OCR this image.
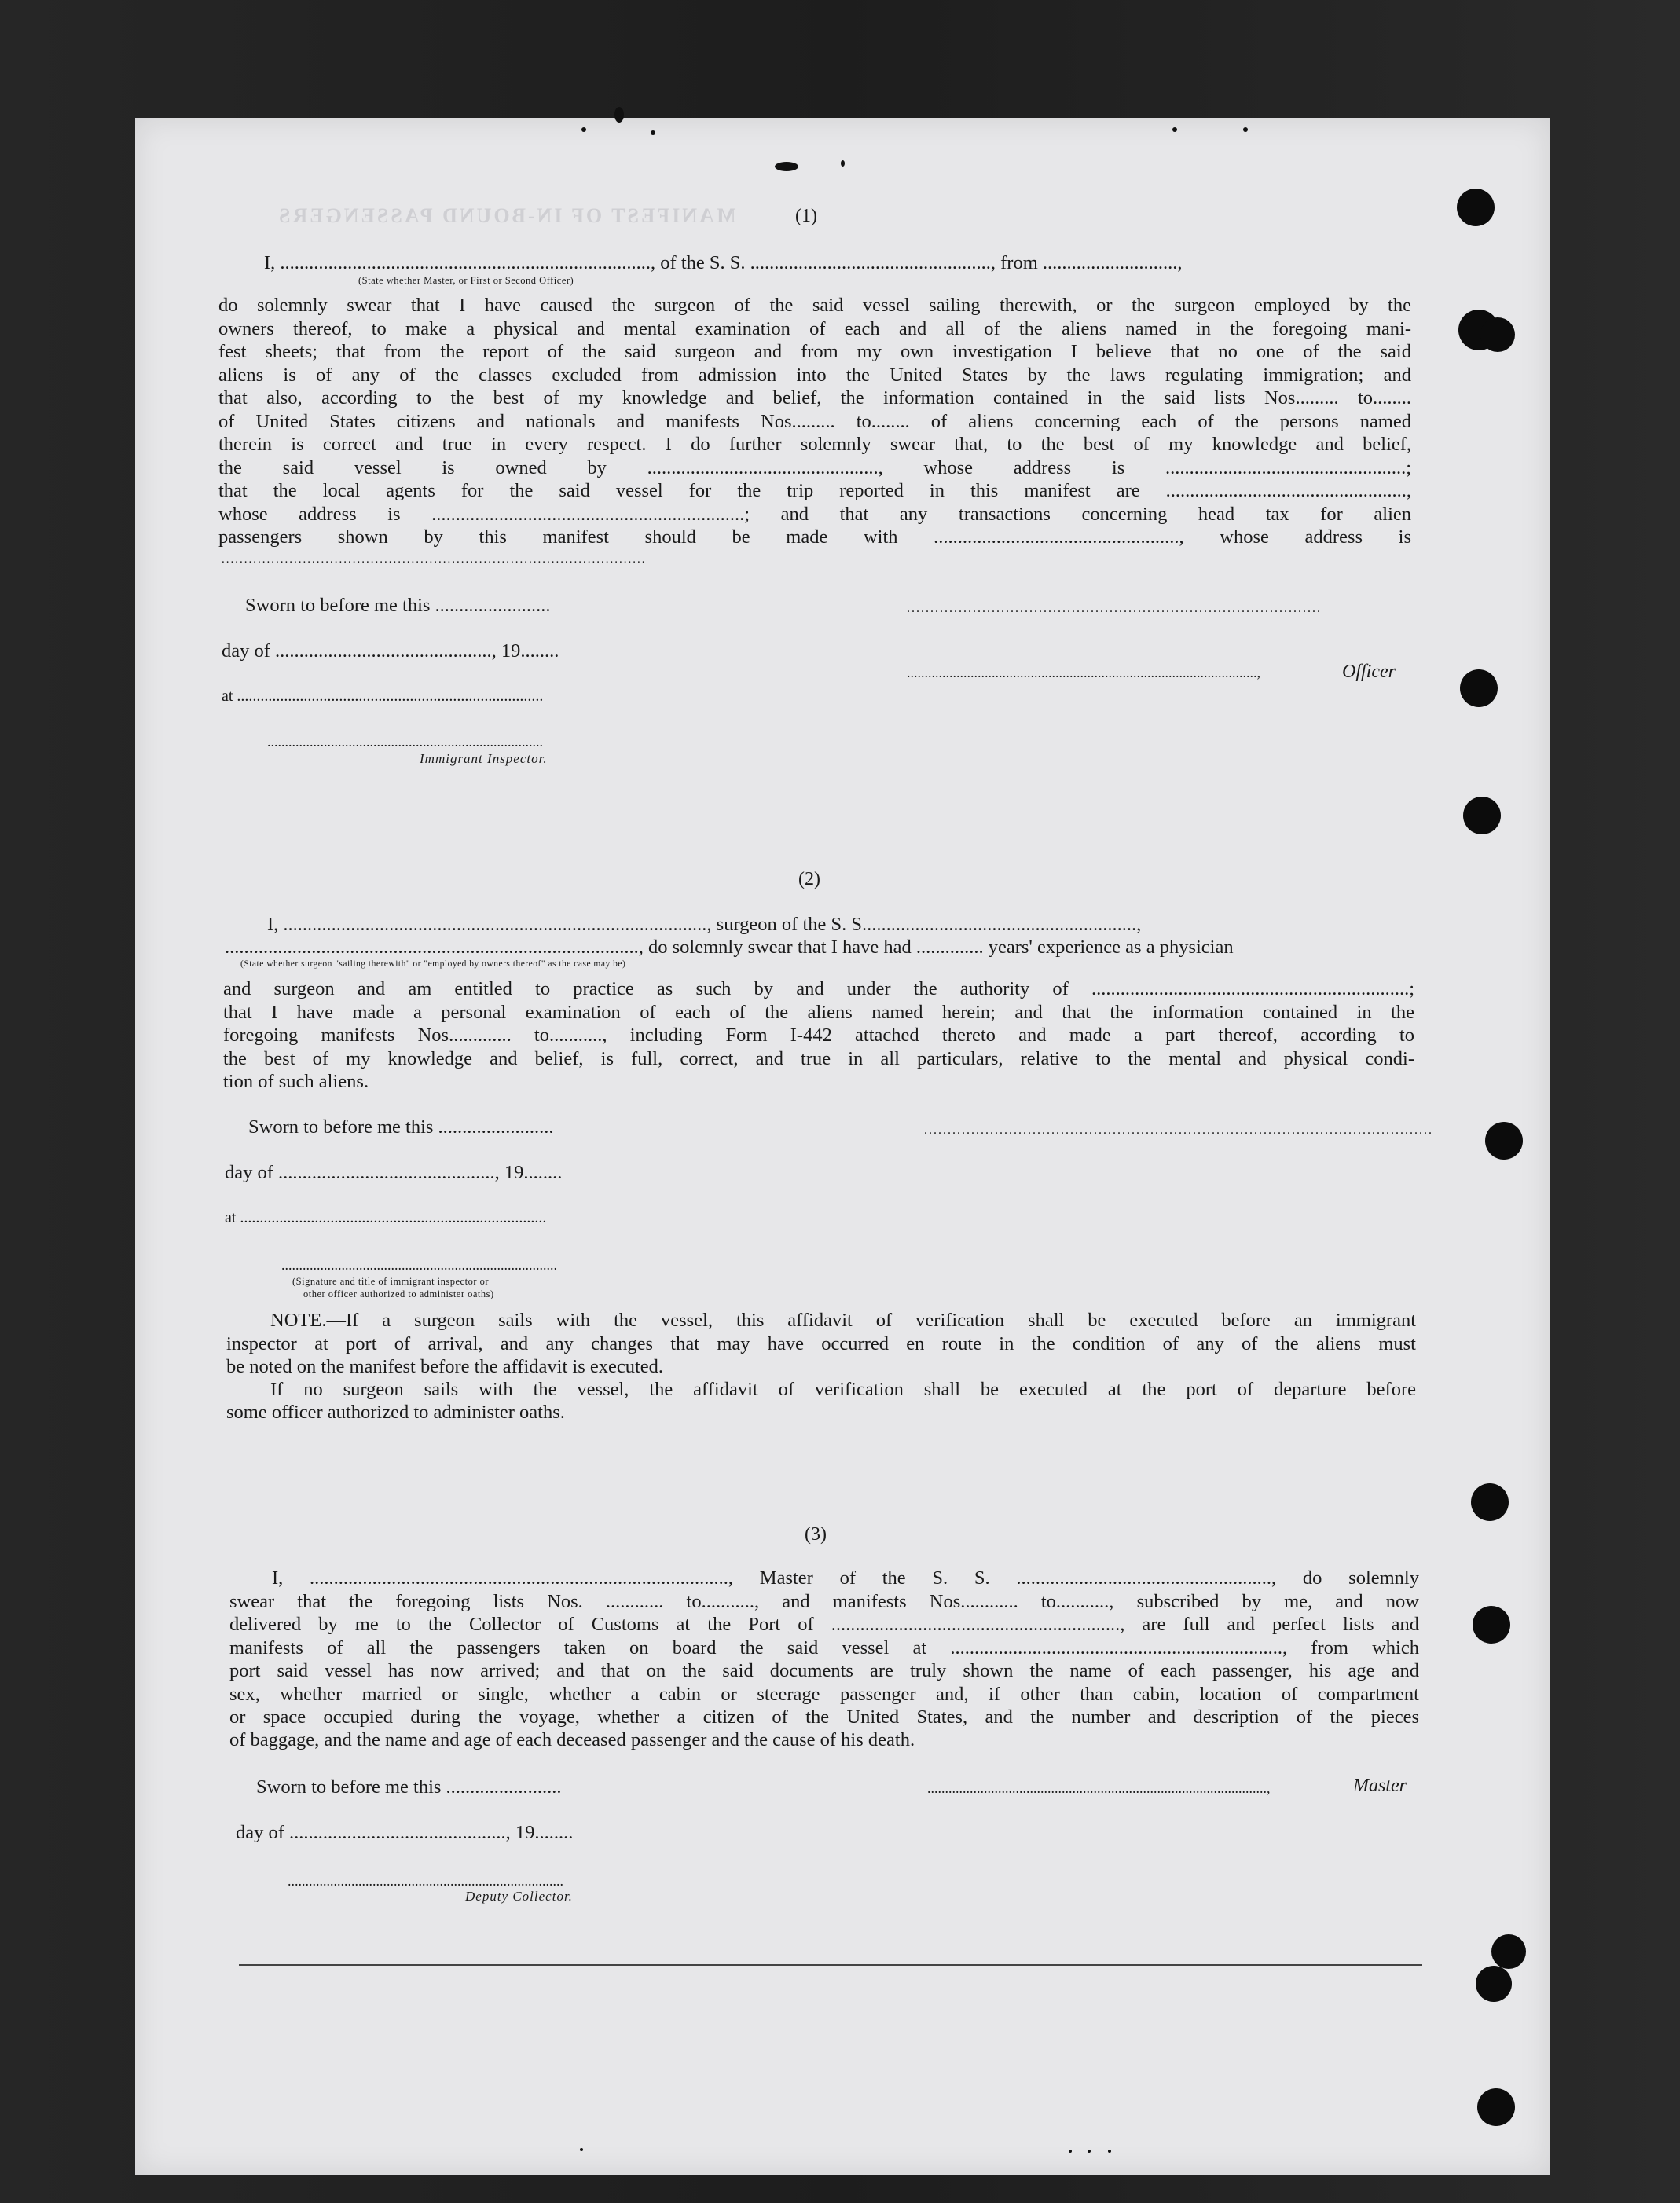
MANIFEST OF IN-BOUND PASSENGERS	(1)
I, ............................................................................., of the S. S. .................................................., from ............................,
(State whether Master, or First or Second Officer)
do solemnly swear that I have caused the surgeon of the said vessel sailing therewith, or the surgeon employed by the
owners thereof, to make a physical and mental examination of each and all of the aliens named in the foregoing mani-
fest sheets; that from the report of the said surgeon and from my own investigation I believe that no one of the said
aliens is of any of the classes excluded from admission into the United States by the laws regulating immigration; and
that also, according to the best of my knowledge and belief, the information contained in the said lists Nos......... to........
of United States citizens and nationals and manifests Nos......... to........ of aliens concerning each of the persons named
therein is correct and true in every respect. I do further solemnly swear that, to the best of my knowledge and belief,
the said vessel is owned by ................................................, whose address is ..................................................;
that the local agents for the said vessel for the trip reported in this manifest are ..................................................,
whose address is .................................................................; and that any transactions concerning head tax for alien
passengers shown by this manifest should be made with ..................................................., whose address is
..............................................................................................
Sworn to before me this ........................	........................................................................................
day of ............................................., 19........
...................................................................................................,	Officer
at ..............................................................................
..............................................................................
Immigrant Inspector.
(2)
I, ........................................................................................, surgeon of the S. S.........................................................,
......................................................................................, do solemnly swear that I have had .............. years' experience as a physician
(State whether surgeon "sailing therewith" or "employed by owners thereof" as the case may be)
and surgeon and am entitled to practice as such by and under the authority of ..................................................................;
that I have made a personal examination of each of the aliens named herein; and that the information contained in the
foregoing manifests Nos............. to..........., including Form I-442 attached thereto and made a part thereof, according to
the best of my knowledge and belief, is full, correct, and true in all particulars, relative to the mental and physical condi-
tion of such aliens.
Sworn to before me this ........................	............................................................................................................
day of ............................................., 19........
at ..............................................................................
..............................................................................
(Signature and title of immigrant inspector or
other officer authorized to administer oaths)
NOTE.—If a surgeon sails with the vessel, this affidavit of verification shall be executed before an immigrant
inspector at port of arrival, and any changes that may have occurred en route in the condition of any of the aliens must
be noted on the manifest before the affidavit is executed.
If no surgeon sails with the vessel, the affidavit of verification shall be executed at the port of departure before
some officer authorized to administer oaths.
(3)
I, ......................................................................................., Master of the S. S. ....................................................., do solemnly
swear that the foregoing lists Nos. ............ to..........., and manifests Nos............ to..........., subscribed by me, and now
delivered by me to the Collector of Customs at the Port of ............................................................, are full and perfect lists and
manifests of all the passengers taken on board the said vessel at ....................................................................., from which
port said vessel has now arrived; and that on the said documents are truly shown the name of each passenger, his age and
sex, whether married or single, whether a cabin or steerage passenger and, if other than cabin, location of compartment
or space occupied during the voyage, whether a citizen of the United States, and the number and description of the pieces
of baggage, and the name and age of each deceased passenger and the cause of his death.
Sworn to before me this ........................	................................................................................................,	Master
day of ............................................., 19........
..............................................................................
Deputy Collector.
